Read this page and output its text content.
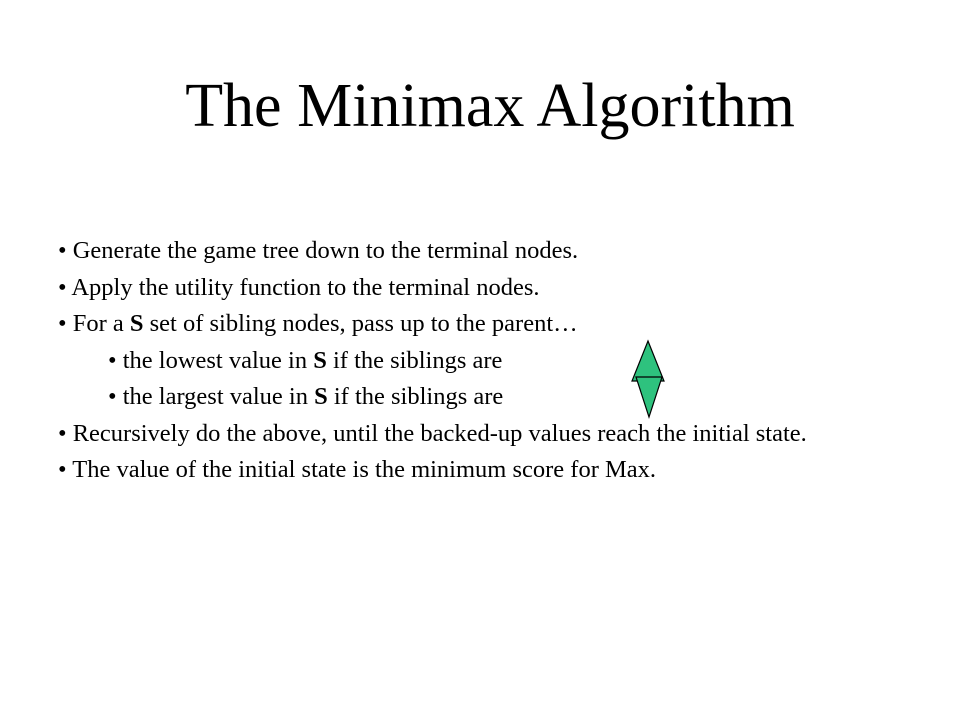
The Minimax Algorithm
• Generate the game tree down to the terminal nodes.
• Apply the utility function to the terminal nodes.
• For a S set of sibling nodes, pass up to the parent…
• the lowest value in S if the siblings are
• the largest value in S if the siblings are
• Recursively do the above, until the backed-up values reach the initial state.
• The value of the initial state is the minimum score for Max.
